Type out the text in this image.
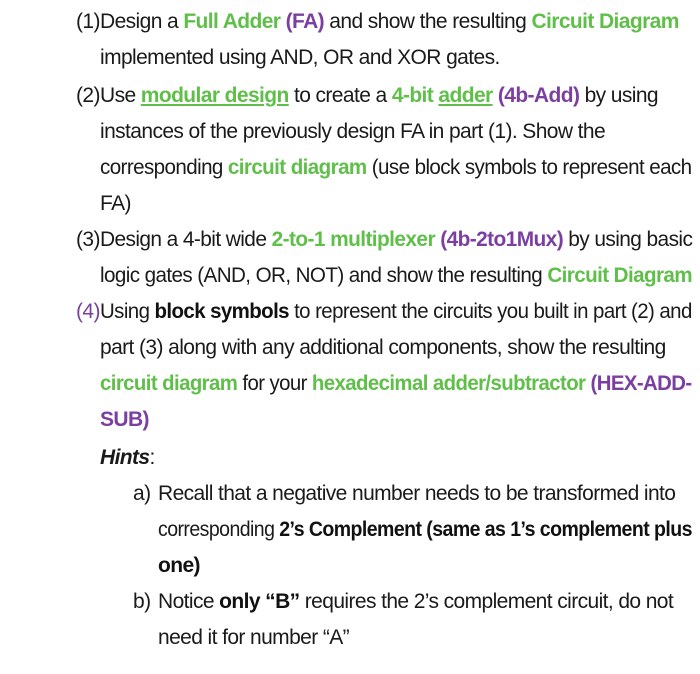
(1) Design a Full Adder (FA) and show the resulting Circuit Diagram
implemented using AND, OR and XOR gates.
(2) Use modular design to create a 4-bit adder (4b-Add) by using
instances of the previously design FA in part (1). Show the
corresponding circuit diagram (use block symbols to represent each
FA)
(3) Design a 4-bit wide 2-to-1 multiplexer (4b-2to1Mux) by using basic
logic gates (AND, OR, NOT) and show the resulting Circuit Diagram
(4) Using block symbols to represent the circuits you built in part (2) and
part (3) along with any additional components, show the resulting
circuit diagram for your hexadecimal adder/subtractor (HEX-ADD-
SUB)
Hints:
a) Recall that a negative number needs to be transformed into
corresponding 2’s Complement (same as 1’s complement plus
one)
b) Notice only “B” requires the 2’s complement circuit, do not
need it for number “A”
